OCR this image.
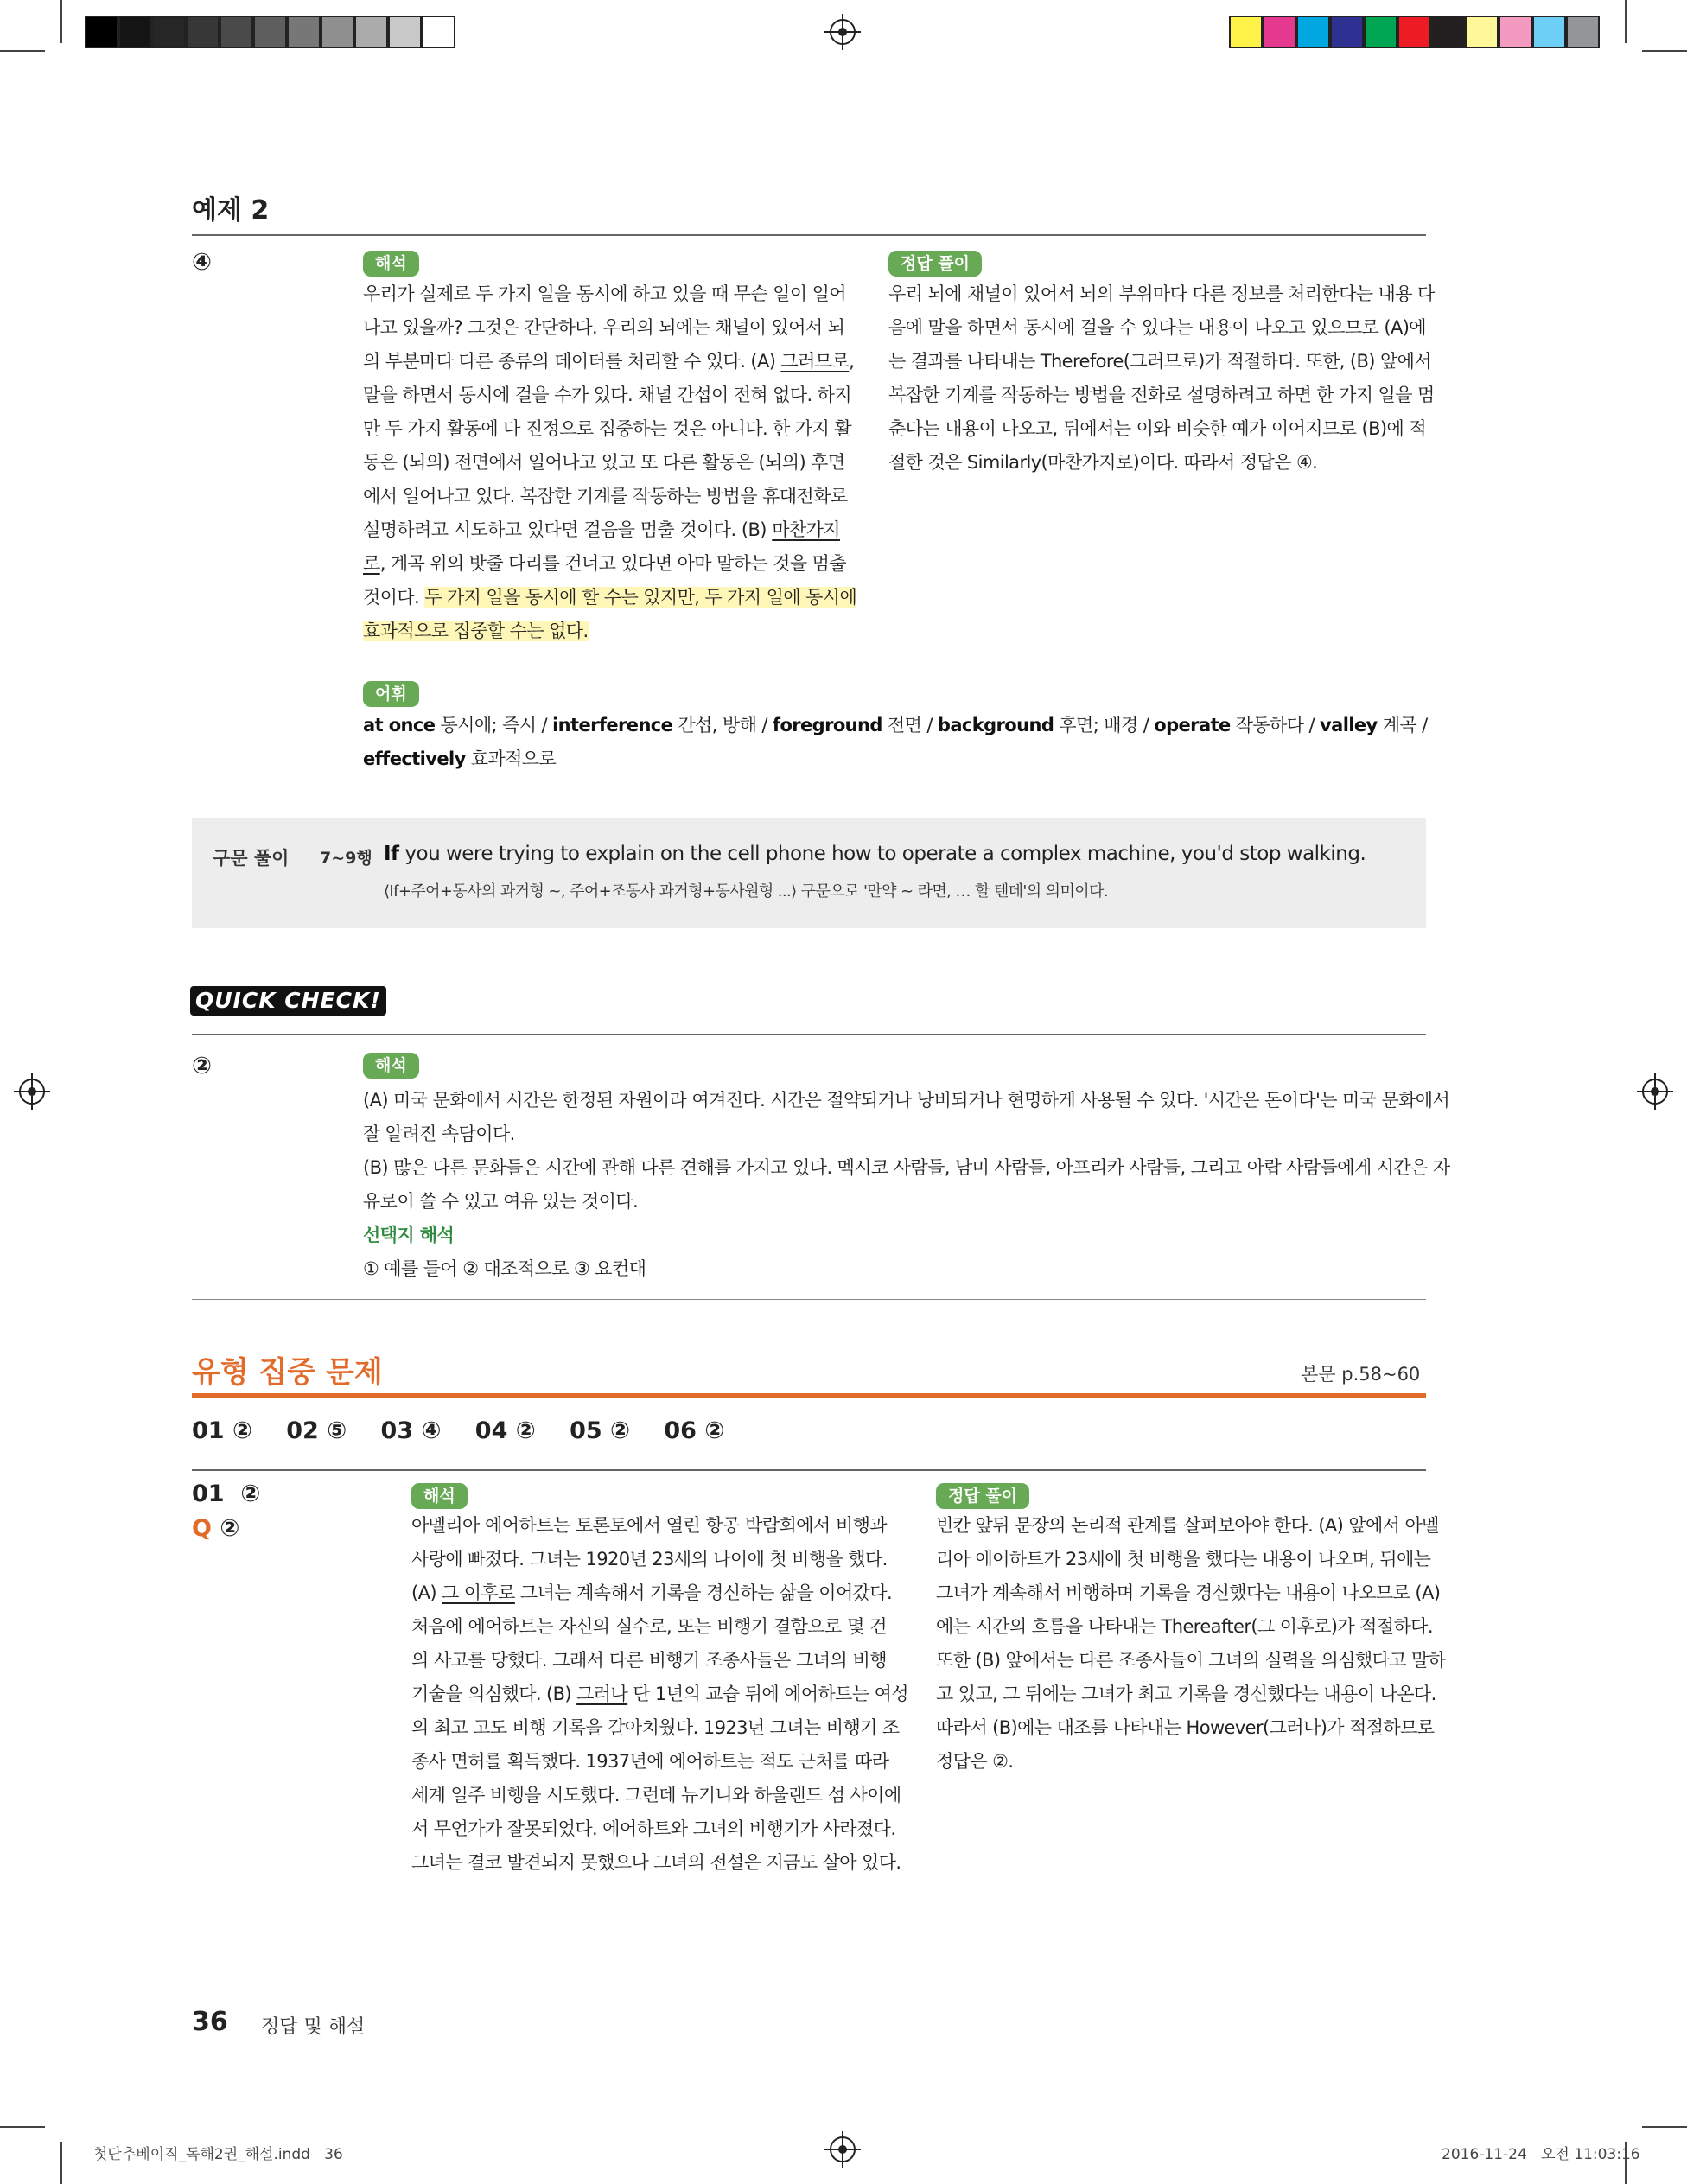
예제 2
④	해석
우리가 실제로 두 가지 일을 동시에 하고 있을 때 무슨 일이 일어
나고 있을까? 그것은 간단하다. 우리의 뇌에는 채널이 있어서 뇌
의 부분마다 다른 종류의 데이터를 처리할 수 있다. (A) 그러므로,
말을 하면서 동시에 걸을 수가 있다. 채널 간섭이 전혀 없다. 하지
만 두 가지 활동에 다 진정으로 집중하는 것은 아니다. 한 가지 활
동은 (뇌의) 전면에서 일어나고 있고 또 다른 활동은 (뇌의) 후면
에서 일어나고 있다. 복잡한 기계를 작동하는 방법을 휴대전화로
설명하려고 시도하고 있다면 걸음을 멈출 것이다. (B) 마찬가지
로, 계곡 위의 밧줄 다리를 건너고 있다면 아마 말하는 것을 멈출
것이다. 두 가지 일을 동시에 할 수는 있지만, 두 가지 일에 동시에
효과적으로 집중할 수는 없다.
정답 풀이
우리 뇌에 채널이 있어서 뇌의 부위마다 다른 정보를 처리한다는 내용 다
음에 말을 하면서 동시에 걸을 수 있다는 내용이 나오고 있으므로 (A)에
는 결과를 나타내는 Therefore(그러므로)가 적절하다. 또한, (B) 앞에서
복잡한 기계를 작동하는 방법을 전화로 설명하려고 하면 한 가지 일을 멈
춘다는 내용이 나오고, 뒤에서는 이와 비슷한 예가 이어지므로 (B)에 적
절한 것은 Similarly(마찬가지로)이다. 따라서 정답은 ④.
어휘
at once 동시에; 즉시 / interference 간섭, 방해 / foreground 전면 / background 후면; 배경 / operate 작동하다 / valley 계곡 /
effectively 효과적으로
구문 풀이 7~9행 If you were trying to explain on the cell phone how to operate a complex machine, you'd stop walking.
⟨If+주어+동사의 과거형 ~, 주어+조동사 과거형+동사원형 ...⟩ 구문으로 '만약 ~ 라면, … 할 텐데'의 의미이다.
QUICK CHECK!
②	해석
(A) 미국 문화에서 시간은 한정된 자원이라 여겨진다. 시간은 절약되거나 낭비되거나 현명하게 사용될 수 있다. '시간은 돈이다'는 미국 문화에서
잘 알려진 속담이다.
(B) 많은 다른 문화들은 시간에 관해 다른 견해를 가지고 있다. 멕시코 사람들, 남미 사람들, 아프리카 사람들, 그리고 아랍 사람들에게 시간은 자
유로이 쓸 수 있고 여유 있는 것이다.
선택지 해석
① 예를 들어 ② 대조적으로 ③ 요컨대
유형 집중 문제	본문 p.58~60
01 ② 02 ⑤ 03 ④ 04 ② 05 ② 06 ②
01 ②
Q ②
해석
아멜리아 에어하트는 토론토에서 열린 항공 박람회에서 비행과
사랑에 빠졌다. 그녀는 1920년 23세의 나이에 첫 비행을 했다.
(A) 그 이후로 그녀는 계속해서 기록을 경신하는 삶을 이어갔다.
처음에 에어하트는 자신의 실수로, 또는 비행기 결함으로 몇 건
의 사고를 당했다. 그래서 다른 비행기 조종사들은 그녀의 비행
기술을 의심했다. (B) 그러나 단 1년의 교습 뒤에 에어하트는 여성
의 최고 고도 비행 기록을 갈아치웠다. 1923년 그녀는 비행기 조
종사 면허를 획득했다. 1937년에 에어하트는 적도 근처를 따라
세계 일주 비행을 시도했다. 그런데 뉴기니와 하울랜드 섬 사이에
서 무언가가 잘못되었다. 에어하트와 그녀의 비행기가 사라졌다.
그녀는 결코 발견되지 못했으나 그녀의 전설은 지금도 살아 있다.
정답 풀이
빈칸 앞뒤 문장의 논리적 관계를 살펴보아야 한다. (A) 앞에서 아멜
리아 에어하트가 23세에 첫 비행을 했다는 내용이 나오며, 뒤에는
그녀가 계속해서 비행하며 기록을 경신했다는 내용이 나오므로 (A)
에는 시간의 흐름을 나타내는 Thereafter(그 이후로)가 적절하다.
또한 (B) 앞에서는 다른 조종사들이 그녀의 실력을 의심했다고 말하
고 있고, 그 뒤에는 그녀가 최고 기록을 경신했다는 내용이 나온다.
따라서 (B)에는 대조를 나타내는 However(그러나)가 적절하므로
정답은 ②.
36 정답 및 해설
첫단추베이직_독해2권_해설.indd   36	2016-11-24   오전 11:03:16
